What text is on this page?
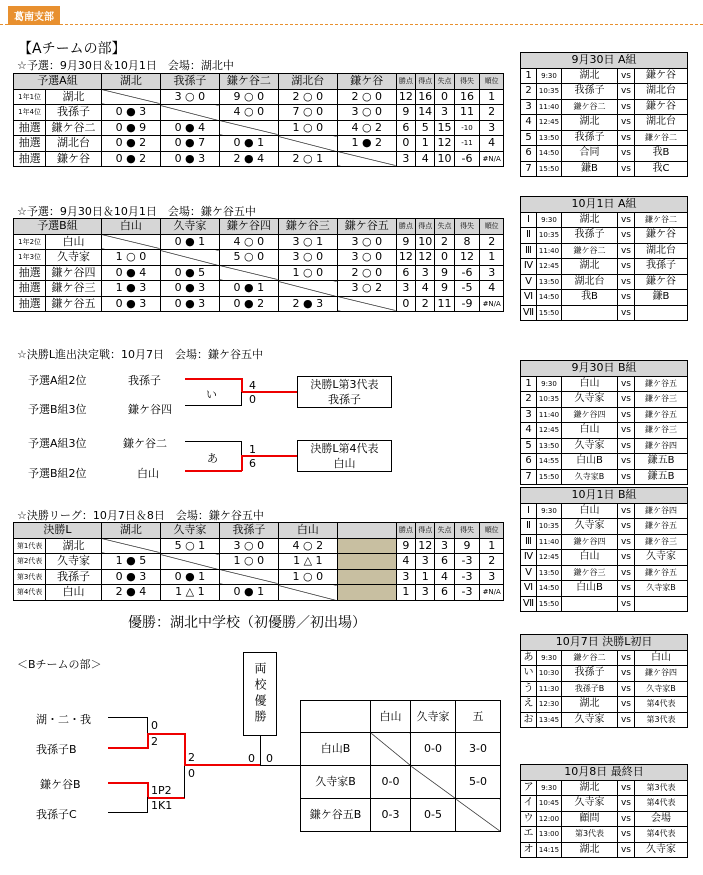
葛南支部
【Aチームの部】
☆予選：9月30日＆10月1日　会場：湖北中
予選A組		湖北	我孫子	鎌ケ谷二	湖北台	鎌ケ谷	勝点	得点	失点	得失	順位
1年1位	湖北		3 ○ 0	9 ○ 0	2 ○ 0	2 ○ 0	12	16	0	16	1
1年4位	我孫子	0 ● 3		4 ○ 0	7 ○ 0	3 ○ 0	9	14	3	11	2
抽選	鎌ケ谷二	0 ● 9	0 ● 4		1 ○ 0	4 ○ 2	6	5	15	-10	3
抽選	湖北台	0 ● 2	0 ● 7	0 ● 1		1 ● 2	0	1	12	-11	4
抽選	鎌ケ谷	0 ● 2	0 ● 3	2 ● 4	2 ○ 1		3	4	10	-6	#N/A
☆予選：9月30日＆10月1日　会場：鎌ケ谷五中
予選B組		白山	久寺家	鎌ケ谷四	鎌ケ谷三	鎌ケ谷五	勝点	得点	失点	得失	順位
1年2位	白山		0 ● 1	4 ○ 0	3 ○ 1	3 ○ 0	9	10	2	8	2
1年3位	久寺家	1 ○ 0		5 ○ 0	3 ○ 0	3 ○ 0	12	12	0	12	1
抽選	鎌ケ谷四	0 ● 4	0 ● 5		1 ○ 0	2 ○ 0	6	3	9	-6	3
抽選	鎌ケ谷三	1 ● 3	0 ● 3	0 ● 1		3 ○ 2	3	4	9	-5	4
抽選	鎌ケ谷五	0 ● 3	0 ● 3	0 ● 2	2 ● 3		0	2	11	-9	#N/A
☆決勝L進出決定戦：10月7日　会場：鎌ケ谷五中
予選A組2位	我孫子
予選B組3位	鎌ケ谷四
い
4
0
決勝L第3代表
我孫子
予選A組3位	鎌ケ谷二
予選B組2位	白山
あ
1
6
決勝L第4代表
白山
☆決勝リーグ：10月7日＆8日　会場：鎌ケ谷五中
決勝L		湖北	久寺家	我孫子	白山		勝点	得点	失点	得失	順位
第1代表	湖北		5 ○ 1	3 ○ 0	4 ○ 2		9	12	3	9	1
第2代表	久寺家	1 ● 5		1 ○ 0	1 △ 1		4	3	6	-3	2
第3代表	我孫子	0 ● 3	0 ● 1		1 ○ 0		3	1	4	-3	3
第4代表	白山	2 ● 4	1 △ 1	0 ● 1			1	3	6	-3	#N/A
優勝：湖北中学校（初優勝／初出場）
＜Bチームの部＞	両校優勝
湖・二・我
我孫子B
鎌ケ谷B
我孫子C
0
2
1P2
1K1
2
0
0 0
	白山	久寺家	五
白山B		0-0	3-0
久寺家B	0-0		5-0
鎌ケ谷五B	0-3	0-5	
9月30日 A組				
1	9:30	湖北	vs	鎌ケ谷
2	10:35	我孫子	vs	湖北台
3	11:40	鎌ケ谷二	vs	鎌ケ谷
4	12:45	湖北	vs	湖北台
5	13:50	我孫子	vs	鎌ケ谷二
6	14:50	合同	vs	我B
7	15:50	鎌B	vs	我C
10月1日 A組				
Ⅰ	9:30	湖北	vs	鎌ケ谷二
Ⅱ	10:35	我孫子	vs	鎌ケ谷
Ⅲ	11:40	鎌ケ谷二	vs	湖北台
Ⅳ	12:45	湖北	vs	我孫子
Ⅴ	13:50	湖北台	vs	鎌ケ谷
Ⅵ	14:50	我B	vs	鎌B
Ⅶ	15:50		vs	
9月30日 B組				
1	9:30	白山	vs	鎌ケ谷五
2	10:35	久寺家	vs	鎌ケ谷三
3	11:40	鎌ケ谷四	vs	鎌ケ谷五
4	12:45	白山	vs	鎌ケ谷三
5	13:50	久寺家	vs	鎌ケ谷四
6	14:55	白山B	vs	鎌五B
7	15:50	久寺家B	vs	鎌五B
10月1日 B組				
Ⅰ	9:30	白山	vs	鎌ケ谷四
Ⅱ	10:35	久寺家	vs	鎌ケ谷五
Ⅲ	11:40	鎌ケ谷四	vs	鎌ケ谷三
Ⅳ	12:45	白山	vs	久寺家
Ⅴ	13:50	鎌ケ谷三	vs	鎌ケ谷五
Ⅵ	14:50	白山B	vs	久寺家B
Ⅶ	15:50		vs	
10月7日 決勝L初日				
あ	9:30	鎌ケ谷二	vs	白山
い	10:30	我孫子	vs	鎌ケ谷四
う	11:30	我孫子B	vs	久寺家B
え	12:30	湖北	vs	第4代表
お	13:45	久寺家	vs	第3代表
10月8日 最終日				
ア	9:30	湖北	vs	第3代表
イ	10:45	久寺家	vs	第4代表
ウ	12:00	顧問	vs	会場
エ	13:00	第3代表	vs	第4代表
オ	14:15	湖北	vs	久寺家
